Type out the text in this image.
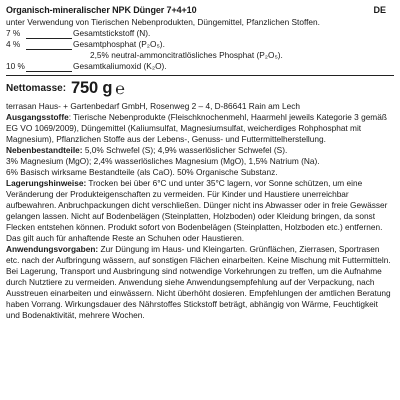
Organisch-mineralischer NPK Dünger 7+4+10	DE
unter Verwendung von Tierischen Nebenprodukten, Düngemittel, Pfanzlichen Stoffen.
7 %	Gesamtstickstoff (N).
4 %	Gesamtphosphat (P₂O₅).
2,5% neutral-ammoncitratlösliches Phosphat (P₂O₅).
10 %	Gesamtkaliumoxid (K₂O).
Nettomasse: 750 g ℮
terrasan Haus- + Gartenbedarf GmbH, Rosenweg 2 – 4, D-86641 Rain am Lech

Ausgangsstoffe: Tierische Nebenprodukte (Fleischknochenmehl, Haarmehl jeweils Kategorie 3 gemäß EG VO 1069/2009), Düngemittel (Kaliumsulfat, Magnesiumsulfat, weicherdiges Rohphosphat mit Magnesium), Pflanzlichen Stoffe aus der Lebens-, Genuss- und Futtermittelherstellung.

Nebenbestandteile: 5,0% Schwefel (S); 4,9% wasserlöslicher Schwefel (S).

3% Magnesium (MgO); 2,4% wasserlösliches Magnesium (MgO), 1,5% Natrium (Na).
6% Basisch wirksame Bestandteile (als CaO). 50% Organische Substanz.

Lagerungshinweise: Trocken bei über 6°C und unter 35°C lagern, vor Sonne schützen, um eine Veränderung der Produkteigenschaften zu vermeiden. Für Kinder und Haustiere unerreichbar aufbewahren. Anbruchpackungen dicht verschließen. Dünger nicht ins Abwasser oder in freie Gewässer gelangen lassen. Nicht auf Bodenbelägen (Steinplatten, Holzboden) oder Kleidung bringen, da sonst Flecken entstehen können. Produkt sofort von Bodenbelägen (Steinplatten, Holzboden etc.) entfernen. Das gilt auch für anhaftende Reste an Schuhen oder Haustieren.

Anwendungsvorgaben: Zur Düngung im Haus- und Kleingarten. Grünflächen, Zierrasen, Sportrasen etc. nach der Aufbringung wässern, auf sonstigen Flächen einarbeiten. Keine Mischung mit Futtermitteln. Bei Lagerung, Transport und Ausbringung sind notwendige Vorkehrungen zu treffen, um die Aufnahme durch Nutztiere zu vermeiden. Anwendung siehe Anwendungsempfehlung auf der Verpackung, nach Ausstreuen einarbeiten und einwässern. Nicht überhöht dosieren. Empfehlungen der amtlichen Beratung haben Vorrang. Wirkungsdauer des Nährstoffes Stickstoff beträgt, abhängig von Wärme, Feuchtigkeit und Bodenaktivität, mehrere Wochen.
